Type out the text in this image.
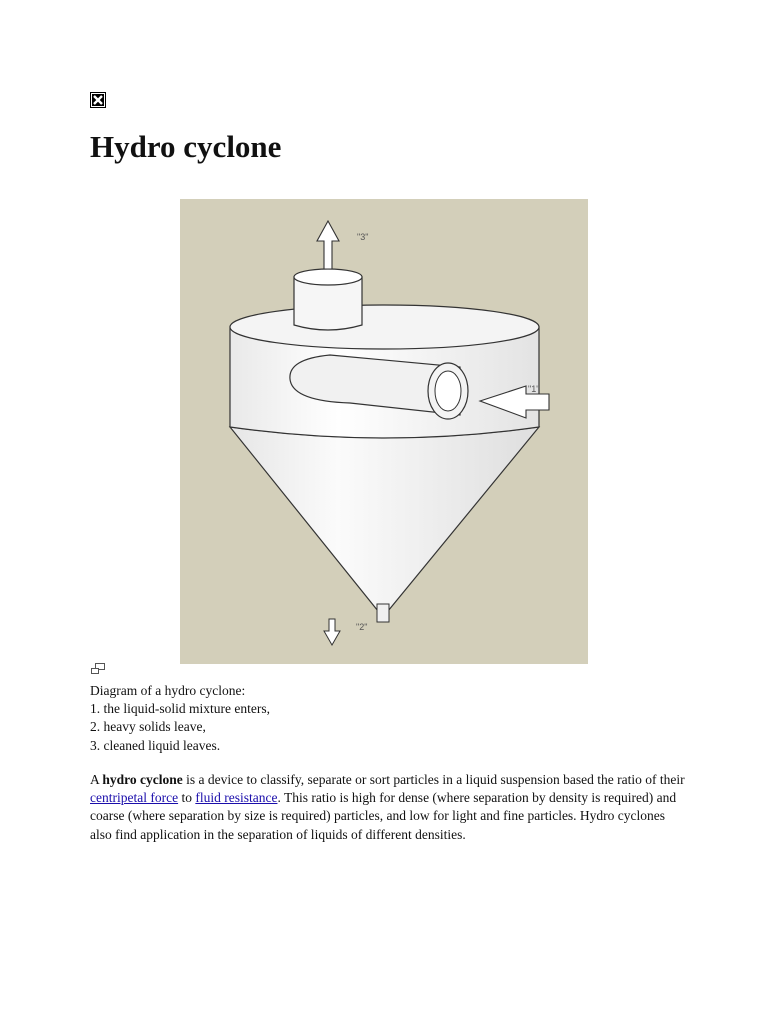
Hydro cyclone
"3"
"1"
"2"
Diagram of a hydro cyclone:
1. the liquid-solid mixture enters,
2. heavy solids leave,
3. cleaned liquid leaves.
A hydro cyclone is a device to classify, separate or sort particles in a liquid suspension based the ratio of their centripetal force to fluid resistance. This ratio is high for dense (where separation by density is required) and coarse (where separation by size is required) particles, and low for light and fine particles. Hydro cyclones also find application in the separation of liquids of different densities.
